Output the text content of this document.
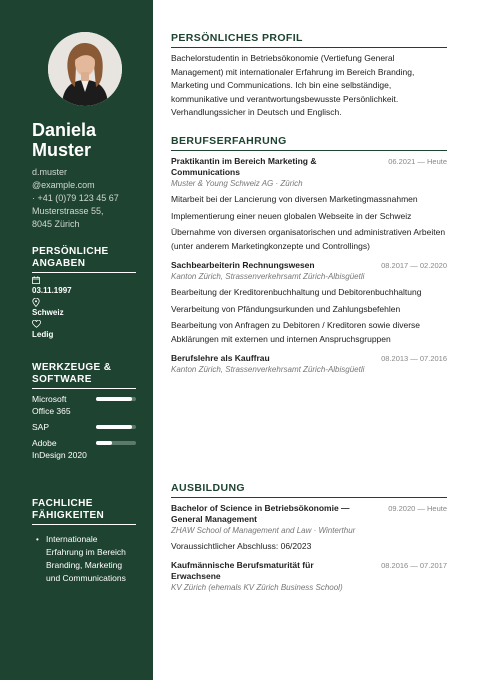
Daniela
Muster
d.muster
@example.com
· +41 (0)79 123 45 67
Musterstrasse 55,
8045 Zürich
PERSÖNLICHE ANGABEN
03.11.1997
Schweiz
Ledig
WERKZEUGE & SOFTWARE
Microsoft Office 365
SAP
Adobe InDesign 2020
FACHLICHE FÄHIGKEITEN
• Internationale Erfahrung im Bereich Branding, Marketing und Communications
PERSÖNLICHES PROFIL
Bachelorstudentin in Betriebsökonomie (Vertiefung General Management) mit internationaler Erfahrung im Bereich Branding, Marketing und Communications. Ich bin eine selbständige, kommunikative und verantwortungsbewusste Persönlichkeit. Verhandlungssicher in Deutsch und Englisch.
BERUFSERFAHRUNG
Praktikantin im Bereich Marketing & Communications
06.2021 — Heute
Muster & Young Schweiz AG · Zürich
Mitarbeit bei der Lancierung von diversen Marketingmassnahmen
Implementierung einer neuen globalen Webseite in der Schweiz
Übernahme von diversen organisatorischen und administrativen Arbeiten (unter anderem Marketingkonzepte und Controllings)
Sachbearbeiterin Rechnungswesen	08.2017 — 02.2020
Kanton Zürich, Strassenverkehrsamt Zürich-Albisgüetli
Bearbeitung der Kreditorenbuchhaltung und Debitorenbuchhaltung
Verarbeitung von Pfändungsurkunden und Zahlungsbefehlen
Bearbeitung von Anfragen zu Debitoren / Kreditoren sowie diverse Abklärungen mit externen und internen Anspruchsgruppen
Berufslehre als Kauffrau	08.2013 — 07.2016
Kanton Zürich, Strassenverkehrsamt Zürich-Albisgüetli
AUSBILDUNG
Bachelor of Science in Betriebsökonomie — General Management
09.2020 — Heute
ZHAW School of Management and Law · Winterthur
Voraussichtlicher Abschluss: 06/2023
Kaufmännische Berufsmaturität für Erwachsene
08.2016 — 07.2017
KV Zürich (ehemals KV Zürich Business School)
